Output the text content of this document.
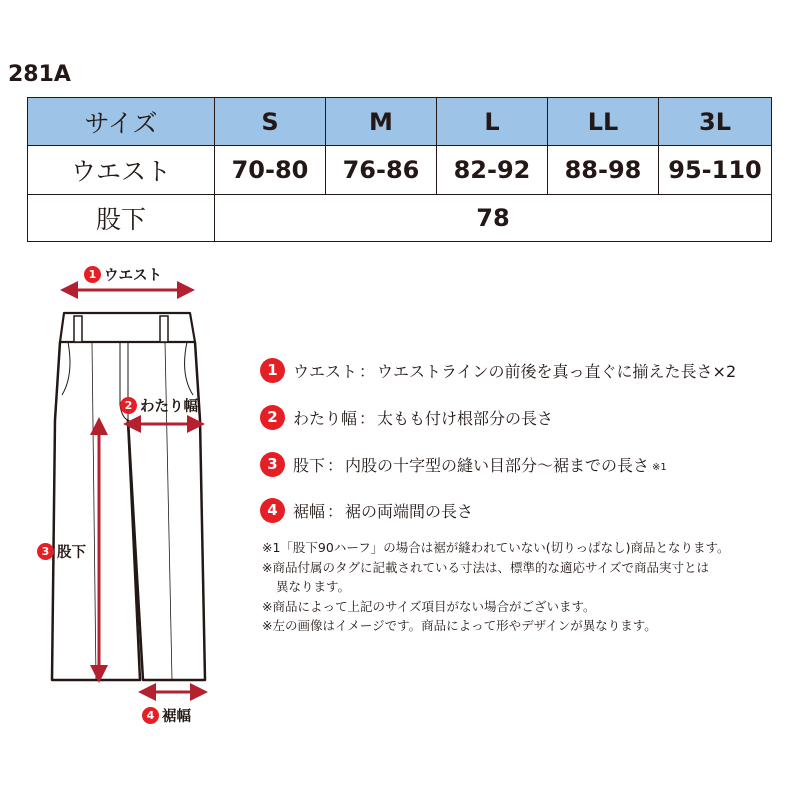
281A
サイズ	S	M	L	LL	3L
ウエスト	70-80	76-86	82-92	88-98	95-110
股下	78				
1 ウエスト
2 わたり幅
3 股下
4 裾幅
1 ウエスト ： ウエストラインの前後を真っ直ぐに揃えた長さ×2
2 わたり幅 ： 太もも付け根部分の長さ
3 股下 ： 内股の十字型の縫い目部分～裾までの長さ ※1
4 裾幅 ： 裾の両端間の長さ
※1「股下90ハーフ」の場合は裾が縫われていない(切りっぱなし)商品となります。
※商品付属のタグに記載されている寸法は、標準的な適応サイズで商品実寸とは
異なります。
※商品によって上記のサイズ項目がない場合がございます。
※左の画像はイメージです。商品によって形やデザインが異なります。
